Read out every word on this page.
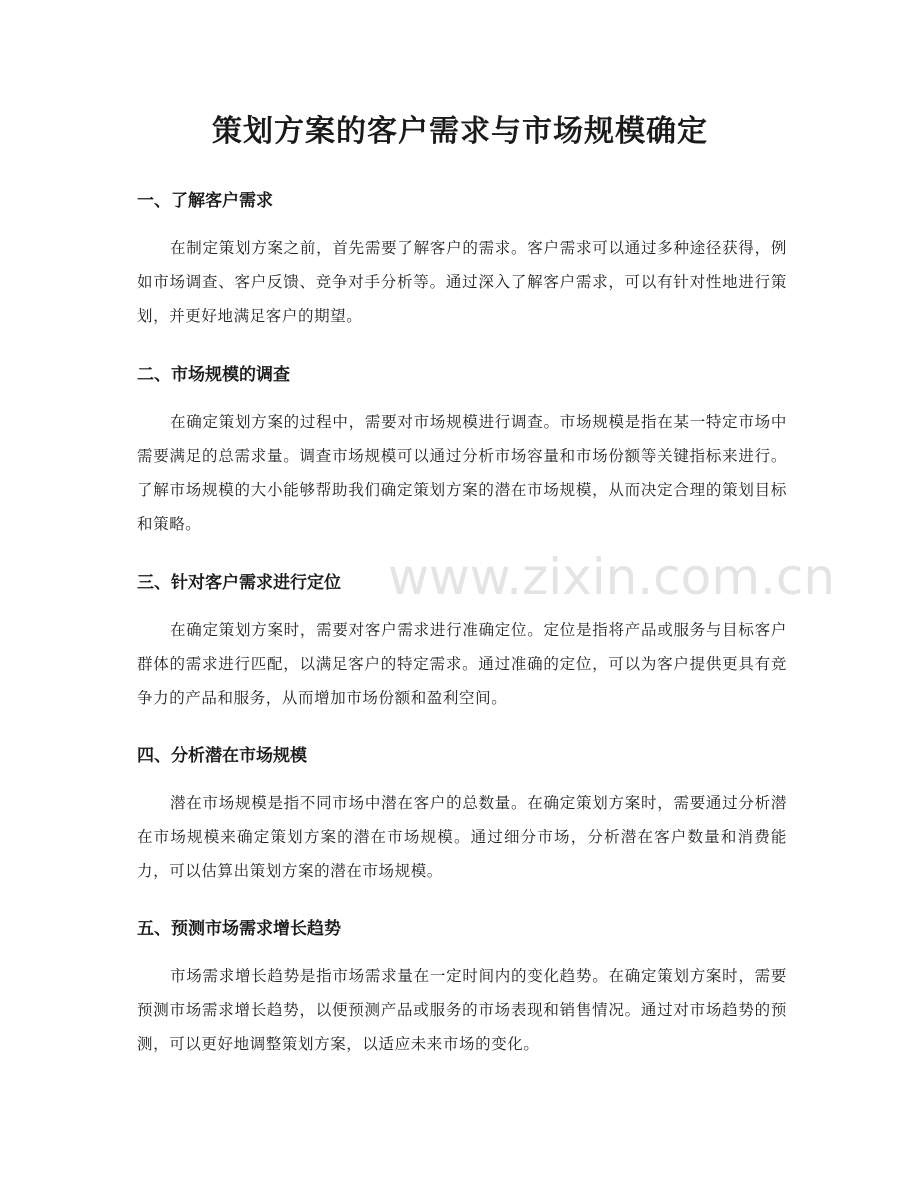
策划方案的客户需求与市场规模确定
一、了解客户需求

在制定策划方案之前，首先需要了解客户的需求。客户需求可以通过多种途径获得，例如市场调查、客户反馈、竞争对手分析等。通过深入了解客户需求，可以有针对性地进行策划，并更好地满足客户的期望。

二、市场规模的调查

在确定策划方案的过程中，需要对市场规模进行调查。市场规模是指在某一特定市场中需要满足的总需求量。调查市场规模可以通过分析市场容量和市场份额等关键指标来进行。了解市场规模的大小能够帮助我们确定策划方案的潜在市场规模，从而决定合理的策划目标和策略。

三、针对客户需求进行定位

在确定策划方案时，需要对客户需求进行准确定位。定位是指将产品或服务与目标客户群体的需求进行匹配，以满足客户的特定需求。通过准确的定位，可以为客户提供更具有竞争力的产品和服务，从而增加市场份额和盈利空间。

四、分析潜在市场规模

潜在市场规模是指不同市场中潜在客户的总数量。在确定策划方案时，需要通过分析潜在市场规模来确定策划方案的潜在市场规模。通过细分市场，分析潜在客户数量和消费能力，可以估算出策划方案的潜在市场规模。

五、预测市场需求增长趋势

市场需求增长趋势是指市场需求量在一定时间内的变化趋势。在确定策划方案时，需要预测市场需求增长趋势，以便预测产品或服务的市场表现和销售情况。通过对市场趋势的预测，可以更好地调整策划方案，以适应未来市场的变化。

www.zixin.com.cn
